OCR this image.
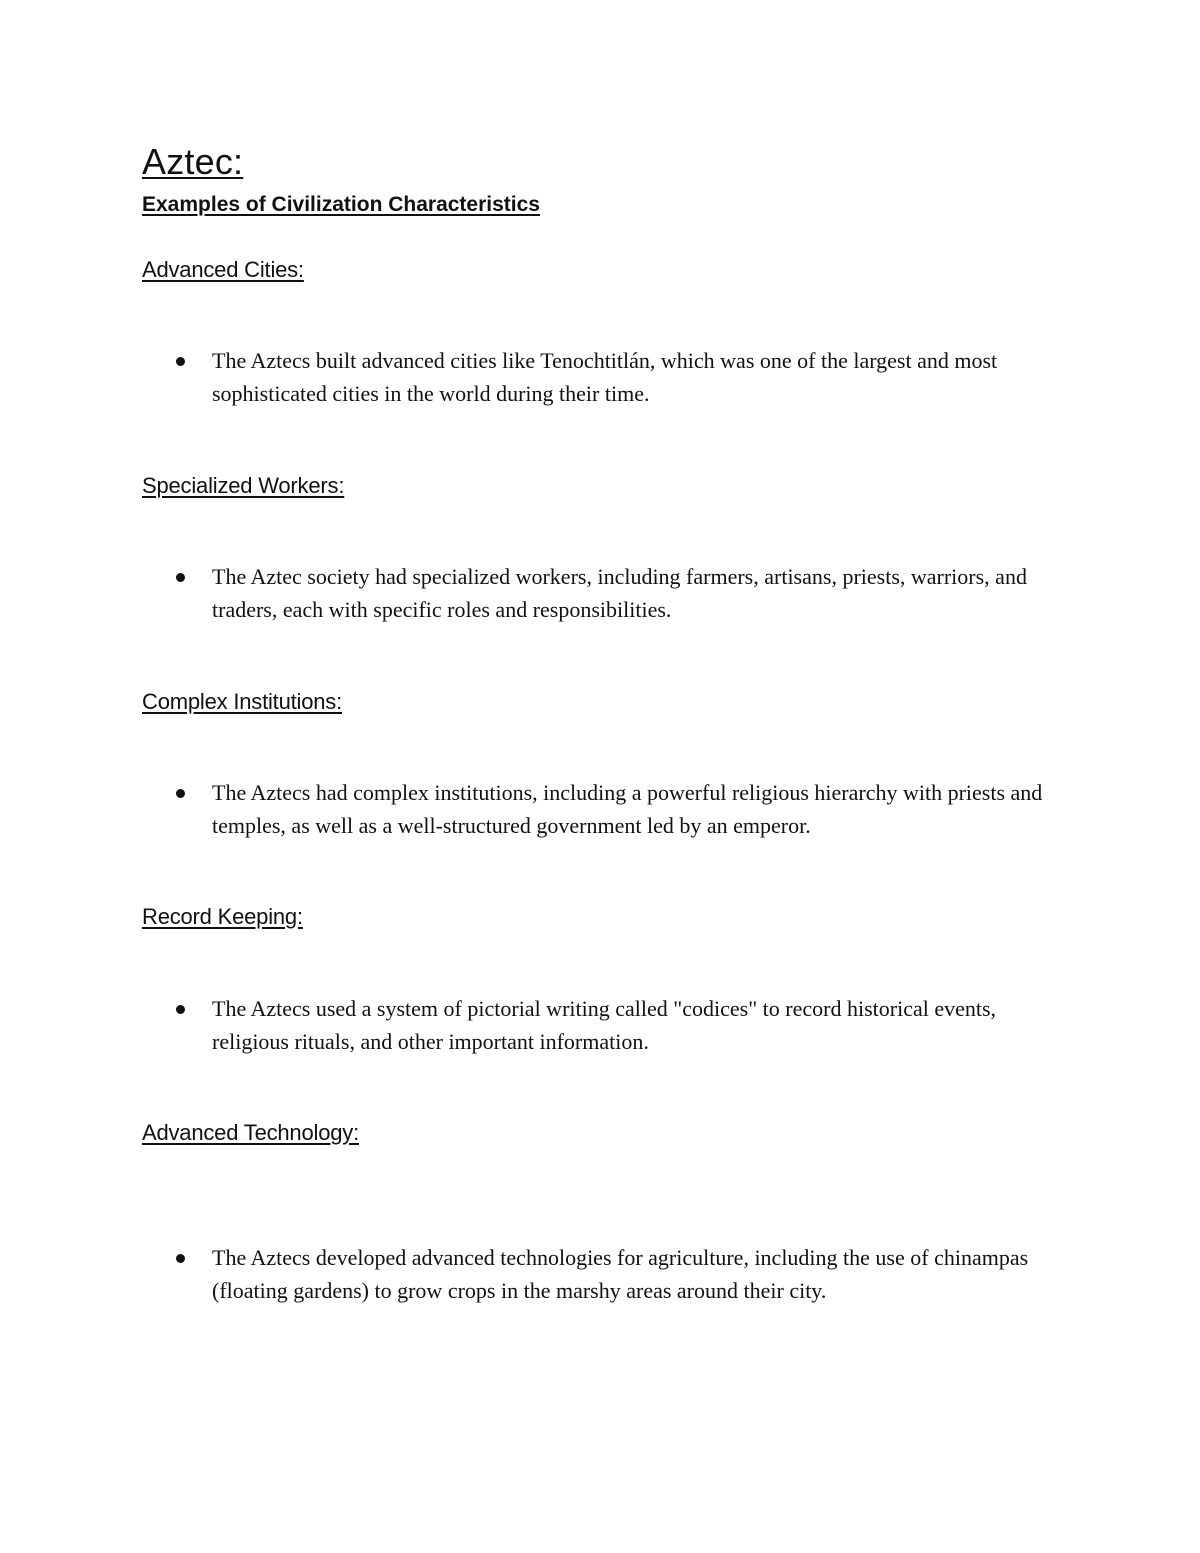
Aztec:
Examples of Civilization Characteristics
Advanced Cities:

The Aztecs built advanced cities like Tenochtitlán, which was one of the largest and most sophisticated cities in the world during their time.

Specialized Workers:

The Aztec society had specialized workers, including farmers, artisans, priests, warriors, and traders, each with specific roles and responsibilities.

Complex Institutions:

The Aztecs had complex institutions, including a powerful religious hierarchy with priests and temples, as well as a well-structured government led by an emperor.

Record Keeping:

The Aztecs used a system of pictorial writing called "codices" to record historical events, religious rituals, and other important information.

Advanced Technology:

The Aztecs developed advanced technologies for agriculture, including the use of chinampas (floating gardens) to grow crops in the marshy areas around their city.
